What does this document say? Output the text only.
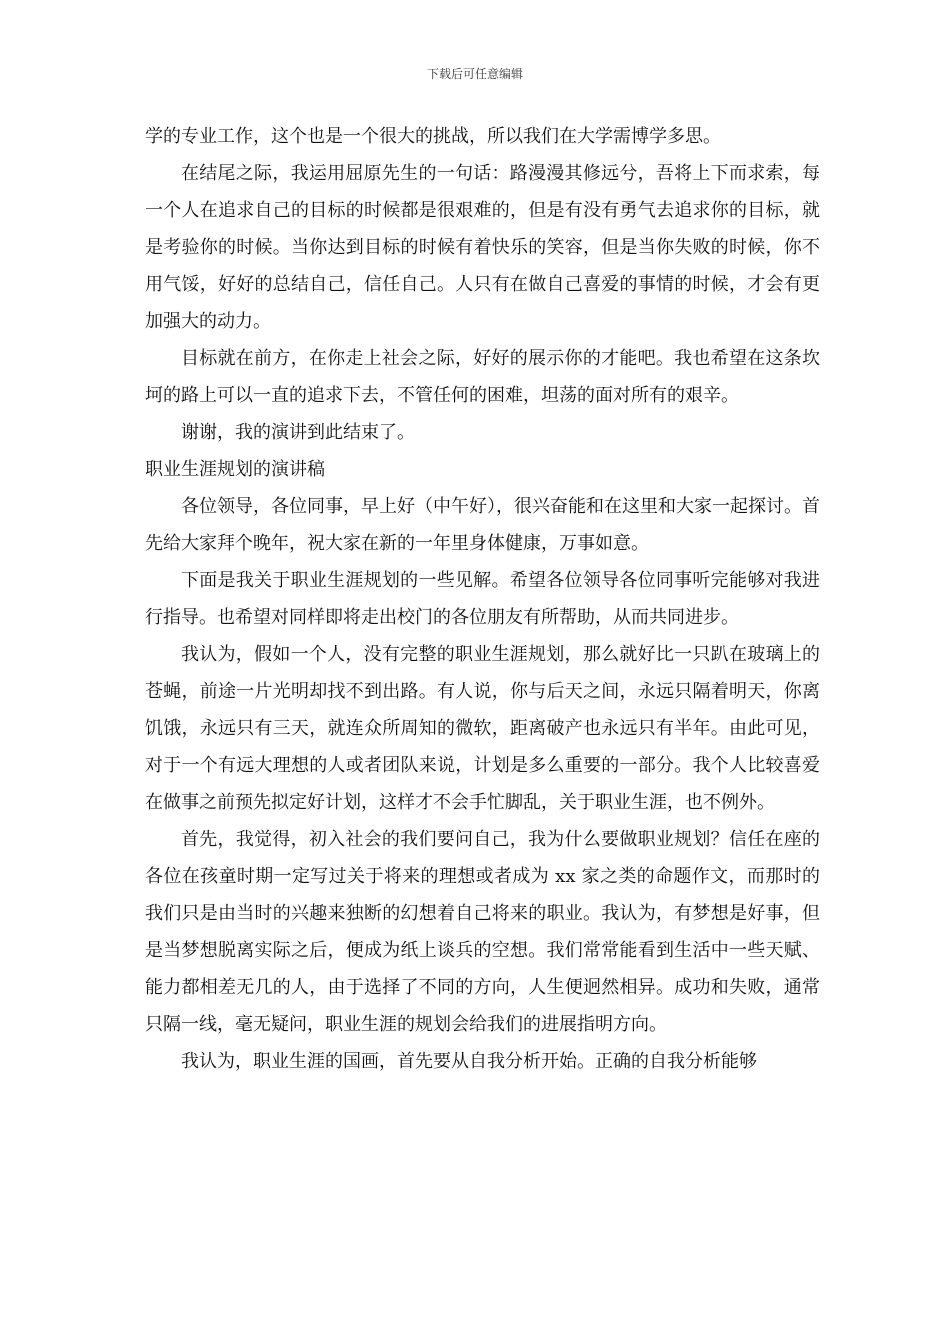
下载后可任意编辑

学的专业工作，这个也是一个很大的挑战，所以我们在大学需博学多思。

在结尾之际，我运用屈原先生的一句话：路漫漫其修远兮，吾将上下而求索，每一个人在追求自己的目标的时候都是很艰难的，但是有没有勇气去追求你的目标，就是考验你的时候。当你达到目标的时候有着快乐的笑容，但是当你失败的时候，你不用气馁，好好的总结自己，信任自己。人只有在做自己喜爱的事情的时候，才会有更加强大的动力。

目标就在前方，在你走上社会之际，好好的展示你的才能吧。我也希望在这条坎坷的路上可以一直的追求下去，不管任何的困难，坦荡的面对所有的艰辛。

谢谢，我的演讲到此结束了。

职业生涯规划的演讲稿

各位领导，各位同事，早上好（中午好），很兴奋能和在这里和大家一起探讨。首先给大家拜个晚年，祝大家在新的一年里身体健康，万事如意。

下面是我关于职业生涯规划的一些见解。希望各位领导各位同事听完能够对我进行指导。也希望对同样即将走出校门的各位朋友有所帮助，从而共同进步。

我认为，假如一个人，没有完整的职业生涯规划，那么就好比一只趴在玻璃上的苍蝇，前途一片光明却找不到出路。有人说，你与后天之间，永远只隔着明天，你离饥饿，永远只有三天，就连众所周知的微软，距离破产也永远只有半年。由此可见，对于一个有远大理想的人或者团队来说，计划是多么重要的一部分。我个人比较喜爱在做事之前预先拟定好计划，这样才不会手忙脚乱，关于职业生涯，也不例外。

首先，我觉得，初入社会的我们要问自己，我为什么要做职业规划？信任在座的各位在孩童时期一定写过关于将来的理想或者成为 xx 家之类的命题作文，而那时的我们只是由当时的兴趣来独断的幻想着自己将来的职业。我认为，有梦想是好事，但是当梦想脱离实际之后，便成为纸上谈兵的空想。我们常常能看到生活中一些天赋、能力都相差无几的人，由于选择了不同的方向，人生便迥然相异。成功和失败，通常只隔一线，毫无疑问，职业生涯的规划会给我们的进展指明方向。

我认为，职业生涯的国画，首先要从自我分析开始。正确的自我分析能够
